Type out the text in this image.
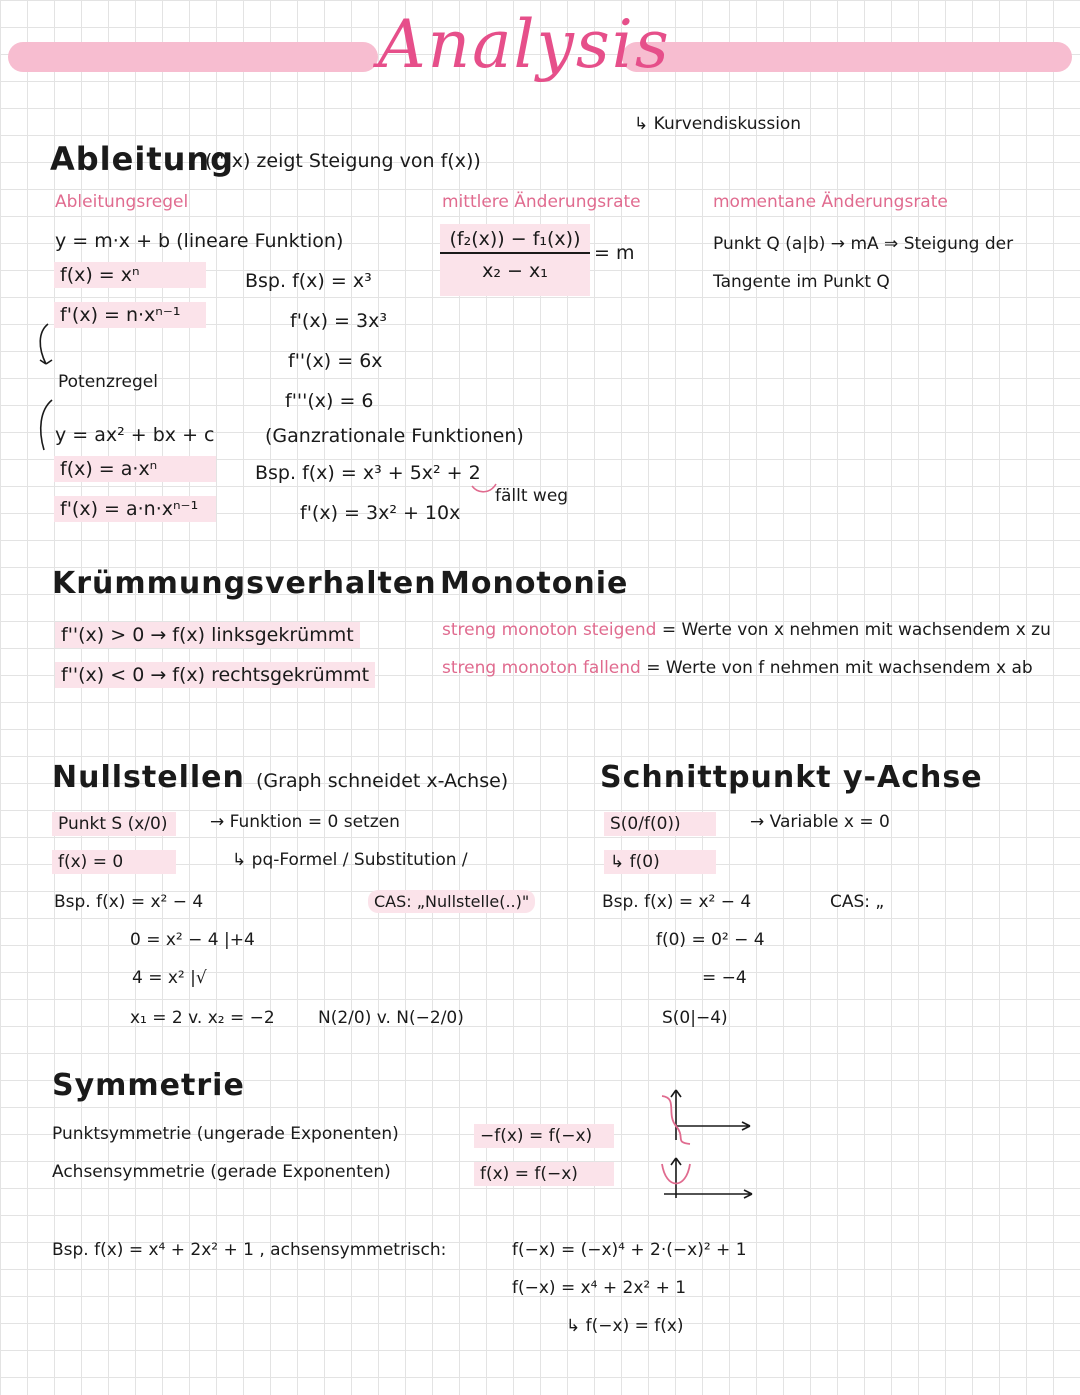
Analysis
↳ Kurvendiskussion
Ableitung
(f'(x) zeigt Steigung von f(x))
Ableitungsregel
y = m·x + b (lineare Funktion)
f(x) = xⁿ
f'(x) = n·xⁿ⁻¹
Potenzregel
y = ax² + bx + c
f(x) = a·xⁿ
f'(x) = a·n·xⁿ⁻¹
Bsp. f(x) = x³
f'(x) = 3x³
f''(x) = 6x
f'''(x) = 6
(Ganzrationale Funktionen)
Bsp. f(x) = x³ + 5x² + 2
f'(x) = 3x² + 10x
fällt weg
mittlere Änderungsrate
$\frac{\text{(f₂(x)) − f₁(x))}}{\text{x₂ − x₁}} = m$
momentane Änderungsrate
Punkt Q (a|b) → mA ⇒ Steigung der
Tangente im Punkt Q
Krümmungsverhalten
f''(x) > 0 → f(x) linksgekrümmt
f''(x) < 0 → f(x) rechtsgekrümmt
Monotonie
streng monoton steigend = Werte von x nehmen mit wachsendem x zu
streng monoton fallend = Werte von f nehmen mit wachsendem x ab
Nullstellen (Graph schneidet x-Achse)
Punkt S (x/0)
f(x) = 0
→ Funktion = 0 setzen
↳ pq-Formel / Substitution /
CAS: „Nullstelle(..)"
Bsp. f(x) = x² − 4
0 = x² − 4 |+4
4 = x² |√
x₁ = 2 v. x₂ = −2	N(2/0) v. N(−2/0)
Schnittpunkt y-Achse
S(0/f(0))
↳ f(0)
→ Variable x = 0
Bsp. f(x) = x² − 4	CAS: „
f(0) = 0² − 4
= −4
S(0|−4)
Symmetrie
Punktsymmetrie (ungerade Exponenten)
Achsensymmetrie (gerade Exponenten)
−f(x) = f(−x)
f(x) = f(−x)
Bsp. f(x) = x⁴ + 2x² + 1 , achsensymmetrisch:	f(−x) = (−x)⁴ + 2·(−x)² + 1
f(−x) = x⁴ + 2x² + 1
↳ f(−x) = f(x)
